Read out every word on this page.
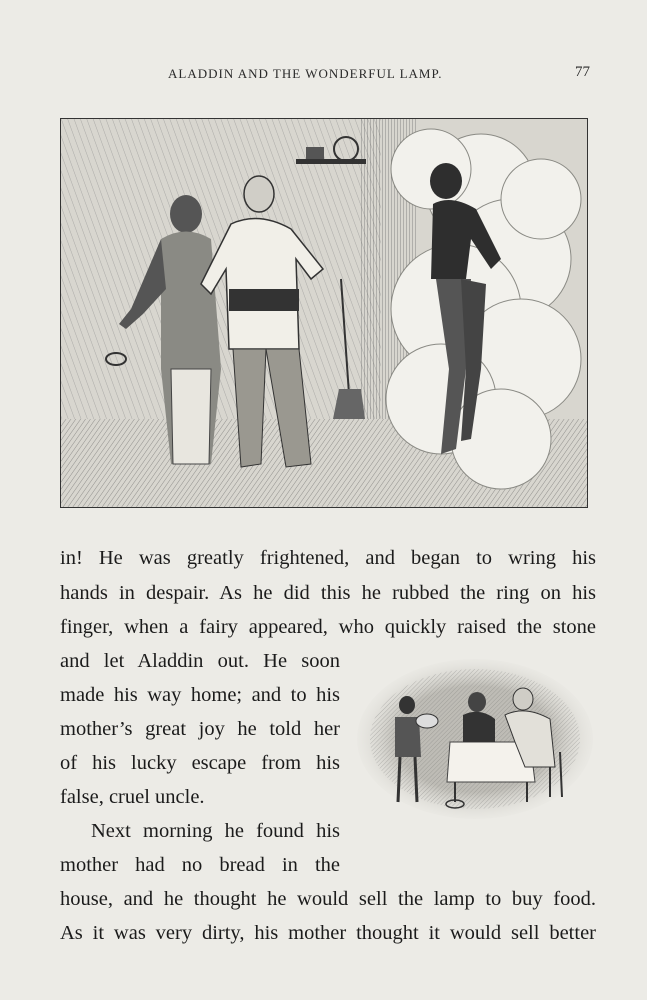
ALADDIN AND THE WONDERFUL LAMP.	77
in! He was greatly frightened, and began to wring his
hands in despair. As he did this he rubbed the ring on his
finger, when a fairy appeared, who quickly raised the stone
and let Aladdin out. He soon
made his way home; and to his
mother’s great joy he told her
of his lucky escape from his
false, cruel uncle.
Next morning he found his
mother had no bread in the
house, and he thought he would sell the lamp to buy food.
As it was very dirty, his mother thought it would sell better
